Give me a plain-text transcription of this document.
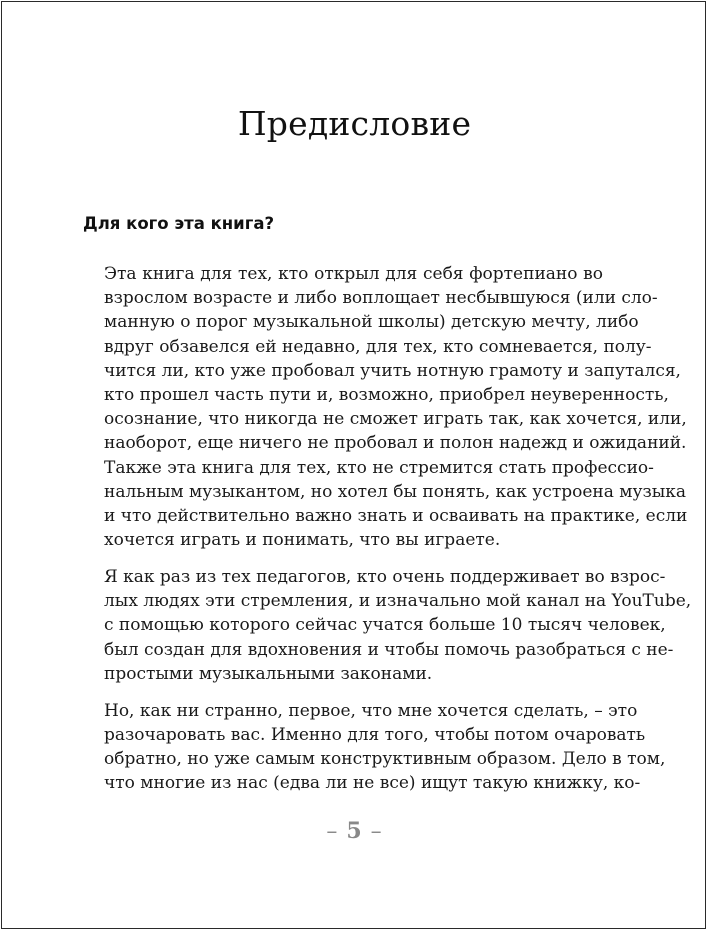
Предисловие
Для кого эта книга?
Эта книга для тех, кто открыл для себя фортепиано во
взрослом возрасте и либо воплощает несбывшуюся (или сло-
манную о порог музыкальной школы) детскую мечту, либо
вдруг обзавелся ей недавно, для тех, кто сомневается, полу-
чится ли, кто уже пробовал учить нотную грамоту и запутался,
кто прошел часть пути и, возможно, приобрел неуверенность,
осознание, что никогда не сможет играть так, как хочется, или,
наоборот, еще ничего не пробовал и полон надежд и ожиданий.
Также эта книга для тех, кто не стремится стать профессио-
нальным музыкантом, но хотел бы понять, как устроена музыка
и что действительно важно знать и осваивать на практике, если
хочется играть и понимать, что вы играете.
Я как раз из тех педагогов, кто очень поддерживает во взрос-
лых людях эти стремления, и изначально мой канал на YouTube,
с помощью которого сейчас учатся больше 10 тысяч человек,
был создан для вдохновения и чтобы помочь разобраться с не-
простыми музыкальными законами.
Но, как ни странно, первое, что мне хочется сделать, – это
разочаровать вас. Именно для того, чтобы потом очаровать
обратно, но уже самым конструктивным образом. Дело в том,
что многие из нас (едва ли не все) ищут такую книжку, ко-
– 5 –
